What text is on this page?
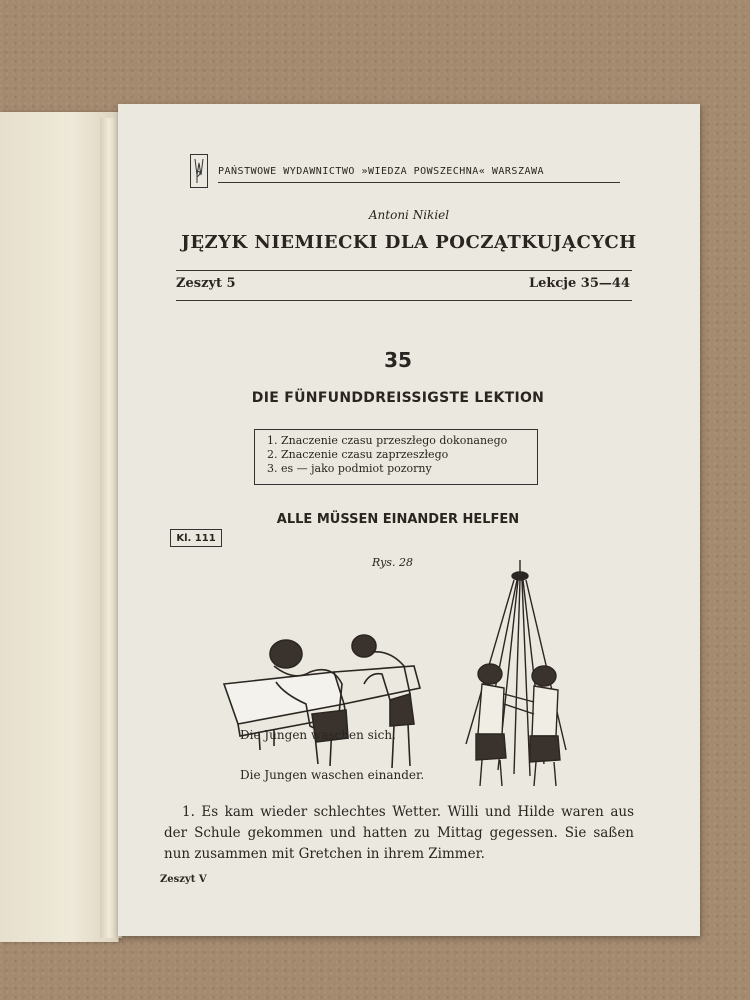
PAŃSTWOWE WYDAWNICTWO »WIEDZA POWSZECHNA« WARSZAWA
Antoni Nikiel
JĘZYK NIEMIECKI DLA POCZĄTKUJĄCYCH
Zeszyt 5	Lekcje 35—44
35
DIE FÜNFUNDDREISSIGSTE LEKTION
1. Znaczenie czasu przeszłego dokonanego
2. Znaczenie czasu zaprzeszłego
3. es — jako podmiot pozorny
ALLE MÜSSEN EINANDER HELFEN
Kl. 111
Rys. 28
Die Jungen waschen sich.
Die Jungen waschen einander.

1. Es kam wieder schlechtes Wetter. Willi und Hilde waren aus der Schule gekommen und hatten zu Mittag gegessen. Sie saßen nun zusammen mit Gretchen in ihrem Zimmer.

Zeszyt V
